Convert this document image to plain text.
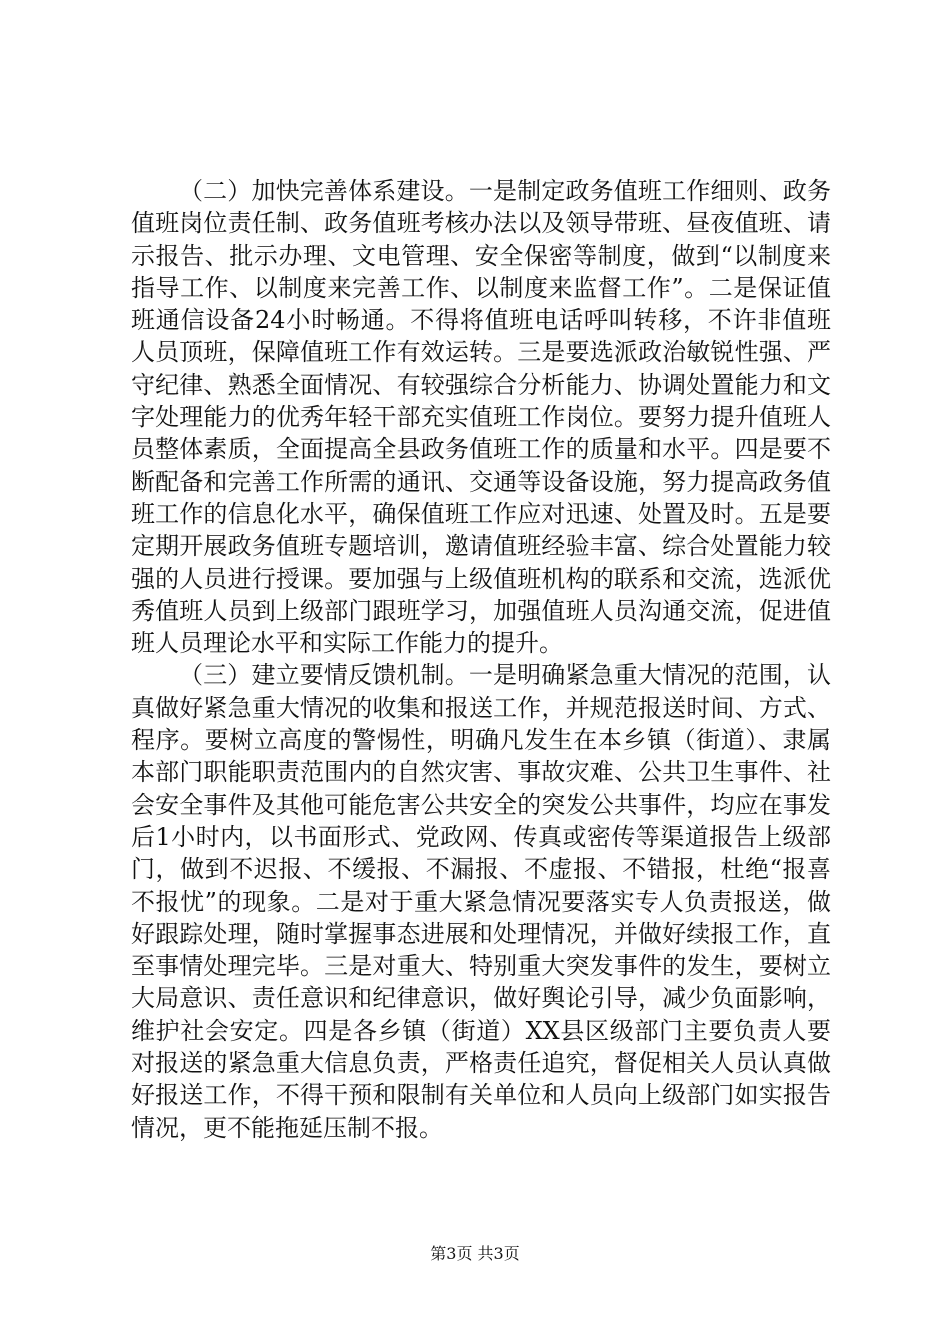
（二）加快完善体系建设。一是制定政务值班工作细则、政务值班岗位责任制、政务值班考核办法以及领导带班、昼夜值班、请示报告、批示办理、文电管理、安全保密等制度，做到“以制度来指导工作、以制度来完善工作、以制度来监督工作”。二是保证值班通信设备24小时畅通。不得将值班电话呼叫转移，不许非值班人员顶班，保障值班工作有效运转。三是要选派政治敏锐性强、严守纪律、熟悉全面情况、有较强综合分析能力、协调处置能力和文字处理能力的优秀年轻干部充实值班工作岗位。要努力提升值班人员整体素质，全面提高全县政务值班工作的质量和水平。四是要不断配备和完善工作所需的通讯、交通等设备设施，努力提高政务值班工作的信息化水平，确保值班工作应对迅速、处置及时。五是要定期开展政务值班专题培训，邀请值班经验丰富、综合处置能力较强的人员进行授课。要加强与上级值班机构的联系和交流，选派优秀值班人员到上级部门跟班学习，加强值班人员沟通交流，促进值班人员理论水平和实际工作能力的提升。

（三）建立要情反馈机制。一是明确紧急重大情况的范围，认真做好紧急重大情况的收集和报送工作，并规范报送时间、方式、程序。要树立高度的警惕性，明确凡发生在本乡镇（街道）、隶属本部门职能职责范围内的自然灾害、事故灾难、公共卫生事件、社会安全事件及其他可能危害公共安全的突发公共事件，均应在事发后1小时内，以书面形式、党政网、传真或密传等渠道报告上级部门，做到不迟报、不缓报、不漏报、不虚报、不错报，杜绝“报喜不报忧”的现象。二是对于重大紧急情况要落实专人负责报送，做好跟踪处理，随时掌握事态进展和处理情况，并做好续报工作，直至事情处理完毕。三是对重大、特别重大突发事件的发生，要树立大局意识、责任意识和纪律意识，做好舆论引导，减少负面影响，维护社会安定。四是各乡镇（街道）XX县区级部门主要负责人要对报送的紧急重大信息负责，严格责任追究，督促相关人员认真做好报送工作，不得干预和限制有关单位和人员向上级部门如实报告情况，更不能拖延压制不报。

第3页 共3页
